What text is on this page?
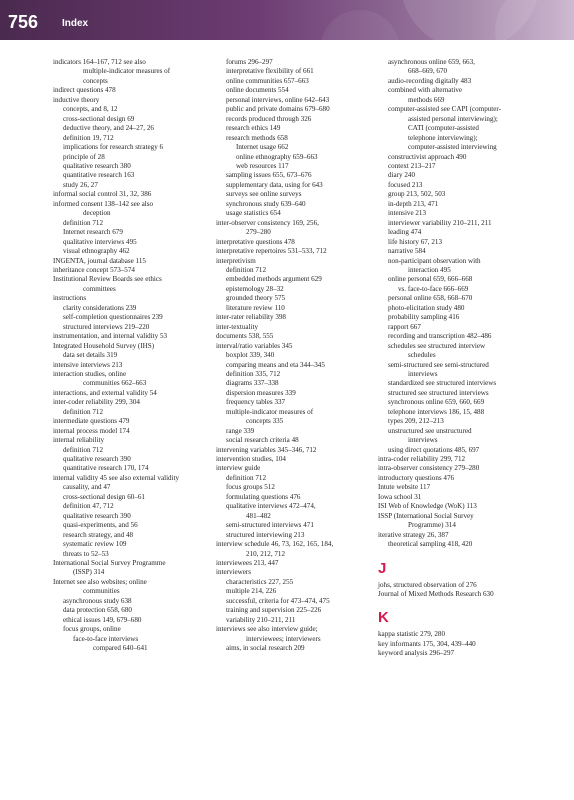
756 Index
indicators 164–167, 712 see also
multiple-indicator measures of
concepts
indirect questions 478
inductive theory
concepts, and 8, 12
cross-sectional design 69
deductive theory, and 24–27, 26
definition 19, 712
implications for research strategy 6
principle of 28
qualitative research 380
quantitative research 163
study 26, 27
informal social control 31, 32, 386
informed consent 138–142 see also
deception
definition 712
Internet research 679
qualitative interviews 495
visual ethnography 462
INGENTA, journal database 115
inheritance concept 573–574
Institutional Review Boards see ethics
committees
instructions
clarity considerations 239
self-completion questionnaires 239
structured interviews 219–220
instrumentation, and internal validity 53
Integrated Household Survey (IHS)
data set details 319
intensive interviews 213
interaction studies, online
communities 662–663
interactions, and external validity 54
inter-coder reliability 299, 304
definition 712
intermediate questions 479
internal process model 174
internal reliability
definition 712
qualitative research 390
quantitative research 170, 174
internal validity 45 see also external validity
causality, and 47
cross-sectional design 60–61
definition 47, 712
qualitative research 390
quasi-experiments, and 56
research strategy, and 48
systematic review 109
threats to 52–53
International Social Survey Programme
(ISSP) 314
Internet see also websites; online
communities
asynchronous study 638
data protection 658, 680
ethical issues 149, 679–680
focus groups, online
face-to-face interviews
compared 640–641
forums 296–297
interpretative flexibility of 661
online communities 657–663
online documents 554
personal interviews, online 642–643
public and private domains 679–680
records produced through 326
research ethics 149
research methods 658
Internet usage 662
online ethnography 659–663
web resources 117
sampling issues 655, 673–676
supplementary data, using for 643
surveys see online surveys
synchronous study 639–640
usage statistics 654
inter-observer consistency 169, 256,
279–280
interpretative questions 478
interpretative repertoires 531–533, 712
interpretivism
definition 712
embedded methods argument 629
epistemology 28–32
grounded theory 575
literature review 110
inter-rater reliability 398
inter-textuality
documents 538, 555
interval/ratio variables 345
boxplot 339, 340
comparing means and eta 344–345
definition 335, 712
diagrams 337–338
dispersion measures 339
frequency tables 337
multiple-indicator measures of
concepts 335
range 339
social research criteria 48
intervening variables 345–346, 712
intervention studies, 104
interview guide
definition 712
focus groups 512
formulating questions 476
qualitative interviews 472–474,
481–482
semi-structured interviews 471
structured interviewing 213
interview schedule 46, 73, 162, 165, 184,
210, 212, 712
interviewees 213, 447
interviewers
characteristics 227, 255
multiple 214, 226
successful, criteria for 473–474, 475
training and supervision 225–226
variability 210–211, 211
interviews see also interview guide;
interviewees; interviewers
aims, in social research 209
asynchronous online 659, 663,
668–669, 670
audio-recording digitally 483
combined with alternative
methods 669
computer-assisted see CAPI (computer-
assisted personal interviewing);
CATI (computer-assisted
telephone interviewing);
computer-assisted interviewing
constructivist approach 490
context 213–217
diary 240
focused 213
group 213, 502, 503
in-depth 213, 471
intensive 213
interviewer variability 210–211, 211
leading 474
life history 67, 213
narrative 584
non-participant observation with
interaction 495
online personal 659, 666–668
vs. face-to-face 666–669
personal online 658, 668–670
photo-elicitation study 480
probability sampling 416
rapport 667
recording and transcription 482–486
schedules see structured interview
schedules
semi-structured see semi-structured
interviews
standardized see structured interviews
structured see structured interviews
synchronous online 659, 660, 669
telephone interviews 186, 15, 488
types 209, 212–213
unstructured see unstructured
interviews
using direct quotations 485, 697
intra-coder reliability 299, 712
intra-observer consistency 279–280
introductory questions 476
Intute website 117
Iowa school 31
ISI Web of Knowledge (WoK) 113
ISSP (International Social Survey
Programme) 314
iterative strategy 26, 387
theoretical sampling 418, 420
J
johs, structured observation of 276
Journal of Mixed Methods Research 630
K
kappa statistic 279, 280
key informants 175, 304, 439–440
keyword analysis 296–297
